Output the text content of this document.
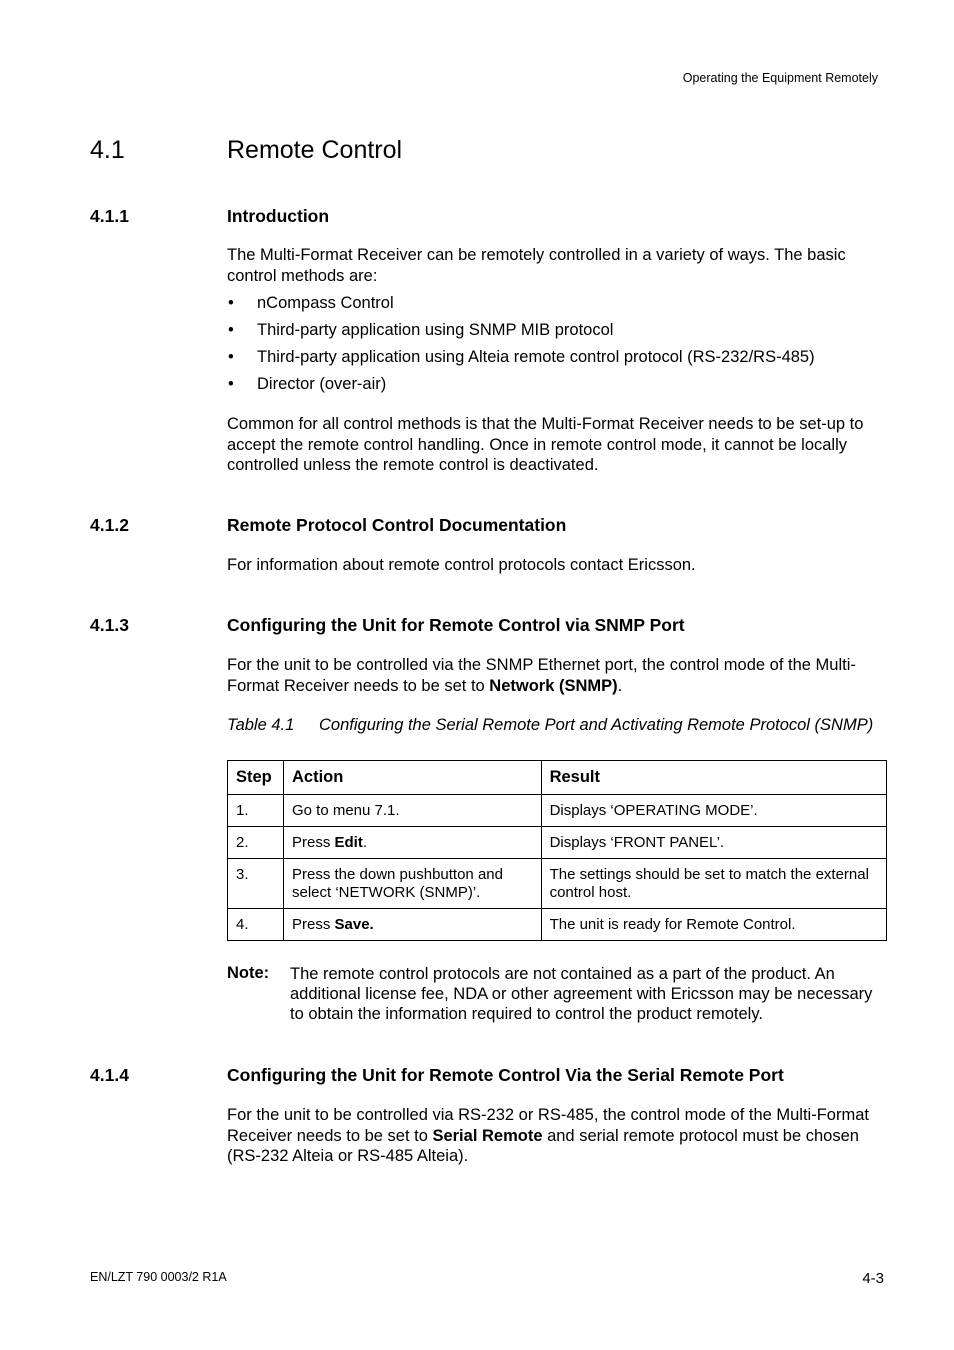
Operating the Equipment Remotely
4.1	Remote Control
4.1.1	Introduction
The Multi-Format Receiver can be remotely controlled in a variety of ways. The basic control methods are:
• nCompass Control
• Third-party application using SNMP MIB protocol
• Third-party application using Alteia remote control protocol (RS-232/RS-485)
• Director (over-air)
Common for all control methods is that the Multi-Format Receiver needs to be set-up to accept the remote control handling. Once in remote control mode, it cannot be locally controlled unless the remote control is deactivated.
4.1.2	Remote Protocol Control Documentation
For information about remote control protocols contact Ericsson.
4.1.3	Configuring the Unit for Remote Control via SNMP Port
For the unit to be controlled via the SNMP Ethernet port, the control mode of the Multi-Format Receiver needs to be set to Network (SNMP).
Table 4.1 Configuring the Serial Remote Port and Activating Remote Protocol (SNMP)
Step	Action	Result
1.	Go to menu 7.1.	Displays ‘OPERATING MODE’.
2.	Press Edit.	Displays ‘FRONT PANEL’.
3.	Press the down pushbutton and select ‘NETWORK (SNMP)’.	The settings should be set to match the external control host.
4.	Press Save.	The unit is ready for Remote Control.
Note: The remote control protocols are not contained as a part of the product. An additional license fee, NDA or other agreement with Ericsson may be necessary to obtain the information required to control the product remotely.
4.1.4	Configuring the Unit for Remote Control Via the Serial Remote Port
For the unit to be controlled via RS-232 or RS-485, the control mode of the Multi-Format Receiver needs to be set to Serial Remote and serial remote protocol must be chosen (RS-232 Alteia or RS-485 Alteia).
EN/LZT 790 0003/2 R1A	4-3
